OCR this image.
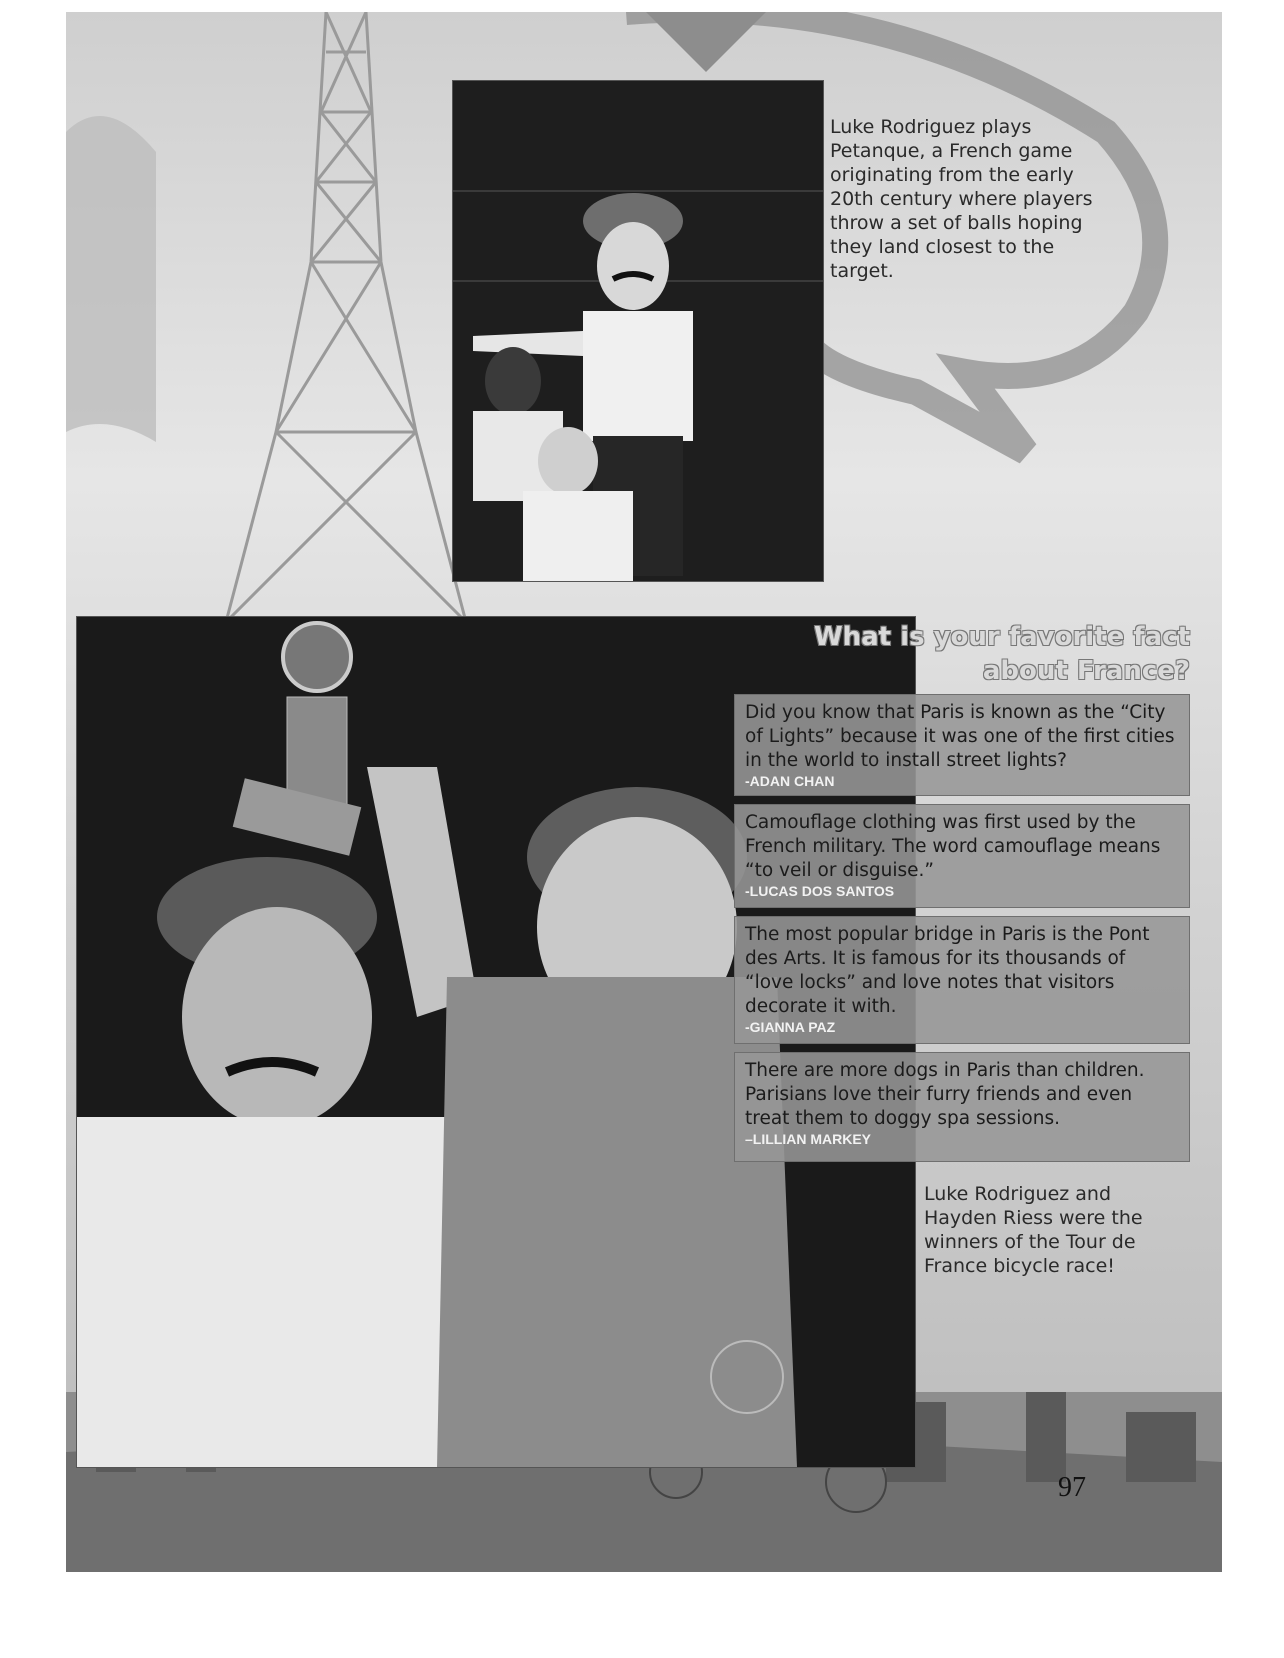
Luke Rodriguez plays Petanque, a French game originating from the early 20th century where players throw a set of balls hoping they land closest to the target.
What is your favorite fact
about France?
Did you know that Paris is known as the “City of Lights” because it was one of the first cities in the world to install street lights?
-ADAN CHAN
Camouflage clothing was first used by the French military. The word camouflage means “to veil or disguise.”
-LUCAS DOS SANTOS
The most popular bridge in Paris is the Pont des Arts. It is famous for its thousands of “love locks” and love notes that visitors decorate it with.
-GIANNA PAZ
There are more dogs in Paris than children. Parisians love their furry friends and even treat them to doggy spa sessions.
–LILLIAN MARKEY
Luke Rodriguez and Hayden Riess were the winners of the Tour de France bicycle race!
97
